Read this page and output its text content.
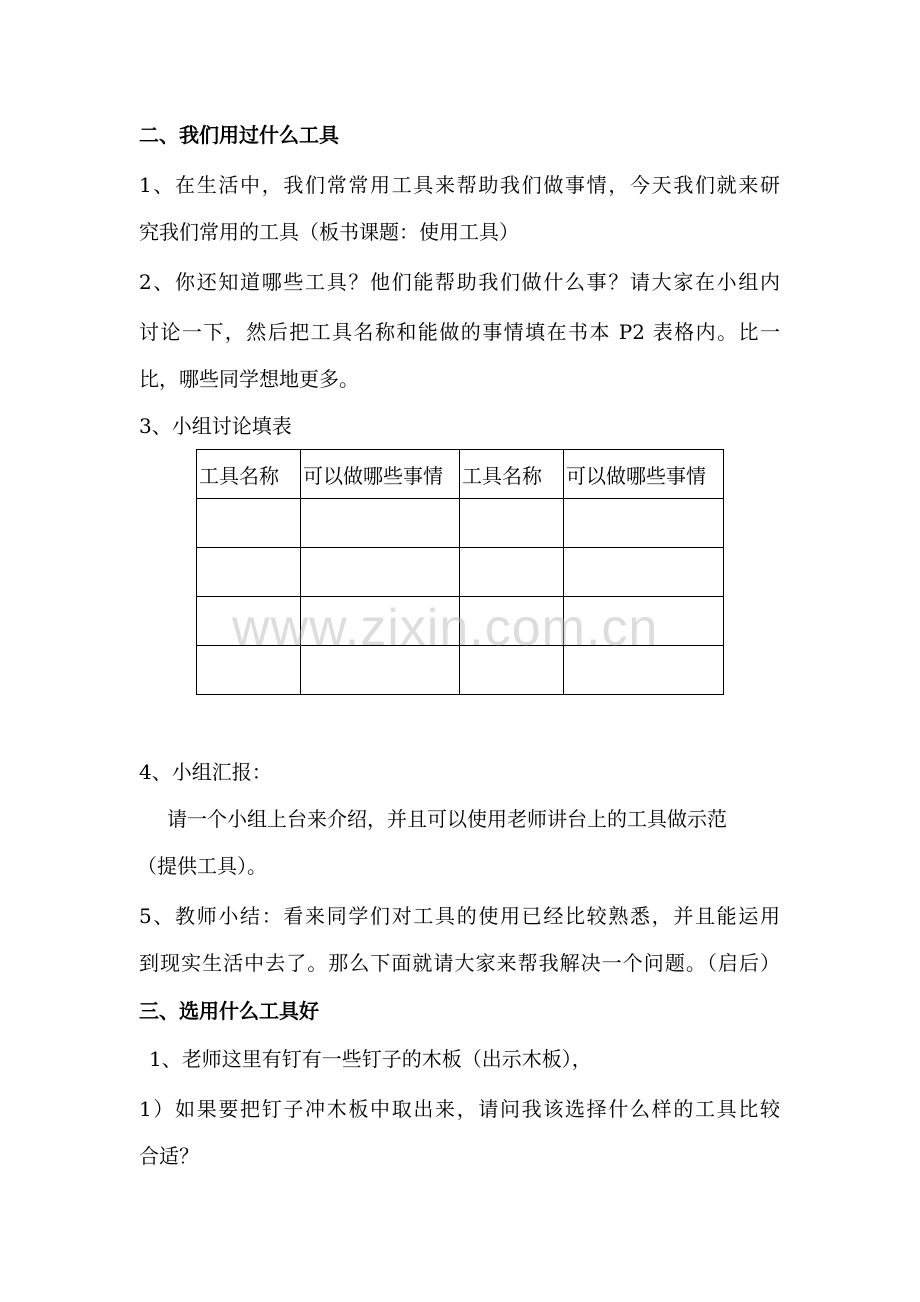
二、我们用过什么工具

1、在生活中，我们常常用工具来帮助我们做事情，今天我们就来研

究我们常用的工具（板书课题：使用工具）

2、你还知道哪些工具？他们能帮助我们做什么事？请大家在小组内

讨论一下，然后把工具名称和能做的事情填在书本 P2 表格内。比一

比，哪些同学想地更多。

3、小组讨论填表

工具名称	可以做哪些事情	工具名称	可以做哪些事情

www.zixin.com.cn

4、小组汇报：

请一个小组上台来介绍，并且可以使用老师讲台上的工具做示范

（提供工具）。

5、教师小结：看来同学们对工具的使用已经比较熟悉，并且能运用

到现实生活中去了。那么下面就请大家来帮我解决一个问题。（启后）

三、选用什么工具好

1、老师这里有钉有一些钉子的木板（出示木板），

1）如果要把钉子冲木板中取出来，请问我该选择什么样的工具比较

合适？
